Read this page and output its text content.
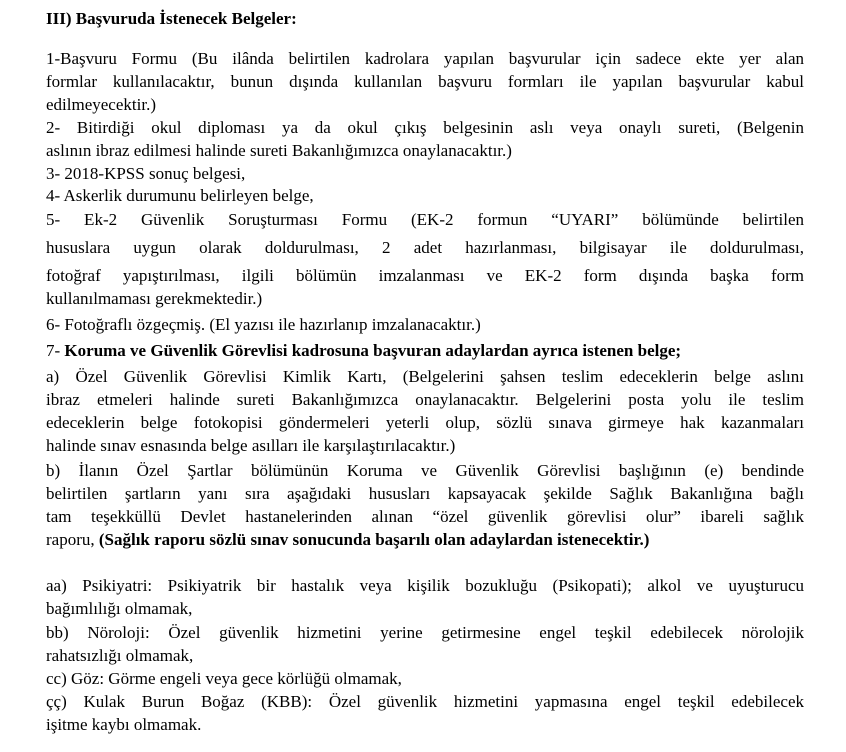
III) Başvuruda İstenecek Belgeler:
1-Başvuru Formu (Bu ilânda belirtilen kadrolara yapılan başvurular için sadece ekte yer alan
formlar kullanılacaktır, bunun dışında kullanılan başvuru formları ile yapılan başvurular kabul
edilmeyecektir.)
2- Bitirdiği okul diploması ya da okul çıkış belgesinin aslı veya onaylı sureti, (Belgenin
aslının ibraz edilmesi halinde sureti Bakanlığımızca onaylanacaktır.)
3- 2018-KPSS sonuç belgesi,
4- Askerlik durumunu belirleyen belge,
5- Ek-2 Güvenlik Soruşturması Formu (EK-2 formun “UYARI” bölümünde belirtilen
hususlara uygun olarak doldurulması, 2 adet hazırlanması, bilgisayar ile doldurulması,
fotoğraf yapıştırılması, ilgili bölümün imzalanması ve EK-2 form dışında başka form
kullanılmaması gerekmektedir.)
6- Fotoğraflı özgeçmiş. (El yazısı ile hazırlanıp imzalanacaktır.)
7- Koruma ve Güvenlik Görevlisi kadrosuna başvuran adaylardan ayrıca istenen belge;
a) Özel Güvenlik Görevlisi Kimlik Kartı, (Belgelerini şahsen teslim edeceklerin belge aslını
ibraz etmeleri halinde sureti Bakanlığımızca onaylanacaktır. Belgelerini posta yolu ile teslim
edeceklerin belge fotokopisi göndermeleri yeterli olup, sözlü sınava girmeye hak kazanmaları
halinde sınav esnasında belge asılları ile karşılaştırılacaktır.)
b) İlanın Özel Şartlar bölümünün Koruma ve Güvenlik Görevlisi başlığının (e) bendinde
belirtilen şartların yanı sıra aşağıdaki hususları kapsayacak şekilde Sağlık Bakanlığına bağlı
tam teşekküllü Devlet hastanelerinden alınan “özel güvenlik görevlisi olur” ibareli sağlık
raporu, (Sağlık raporu sözlü sınav sonucunda başarılı olan adaylardan istenecektir.)
aa) Psikiyatri: Psikiyatrik bir hastalık veya kişilik bozukluğu (Psikopati); alkol ve uyuşturucu
bağımlılığı olmamak,
bb) Nöroloji: Özel güvenlik hizmetini yerine getirmesine engel teşkil edebilecek nörolojik
rahatsızlığı olmamak,
cc) Göz: Görme engeli veya gece körlüğü olmamak,
çç) Kulak Burun Boğaz (KBB): Özel güvenlik hizmetini yapmasına engel teşkil edebilecek
işitme kaybı olmamak.
